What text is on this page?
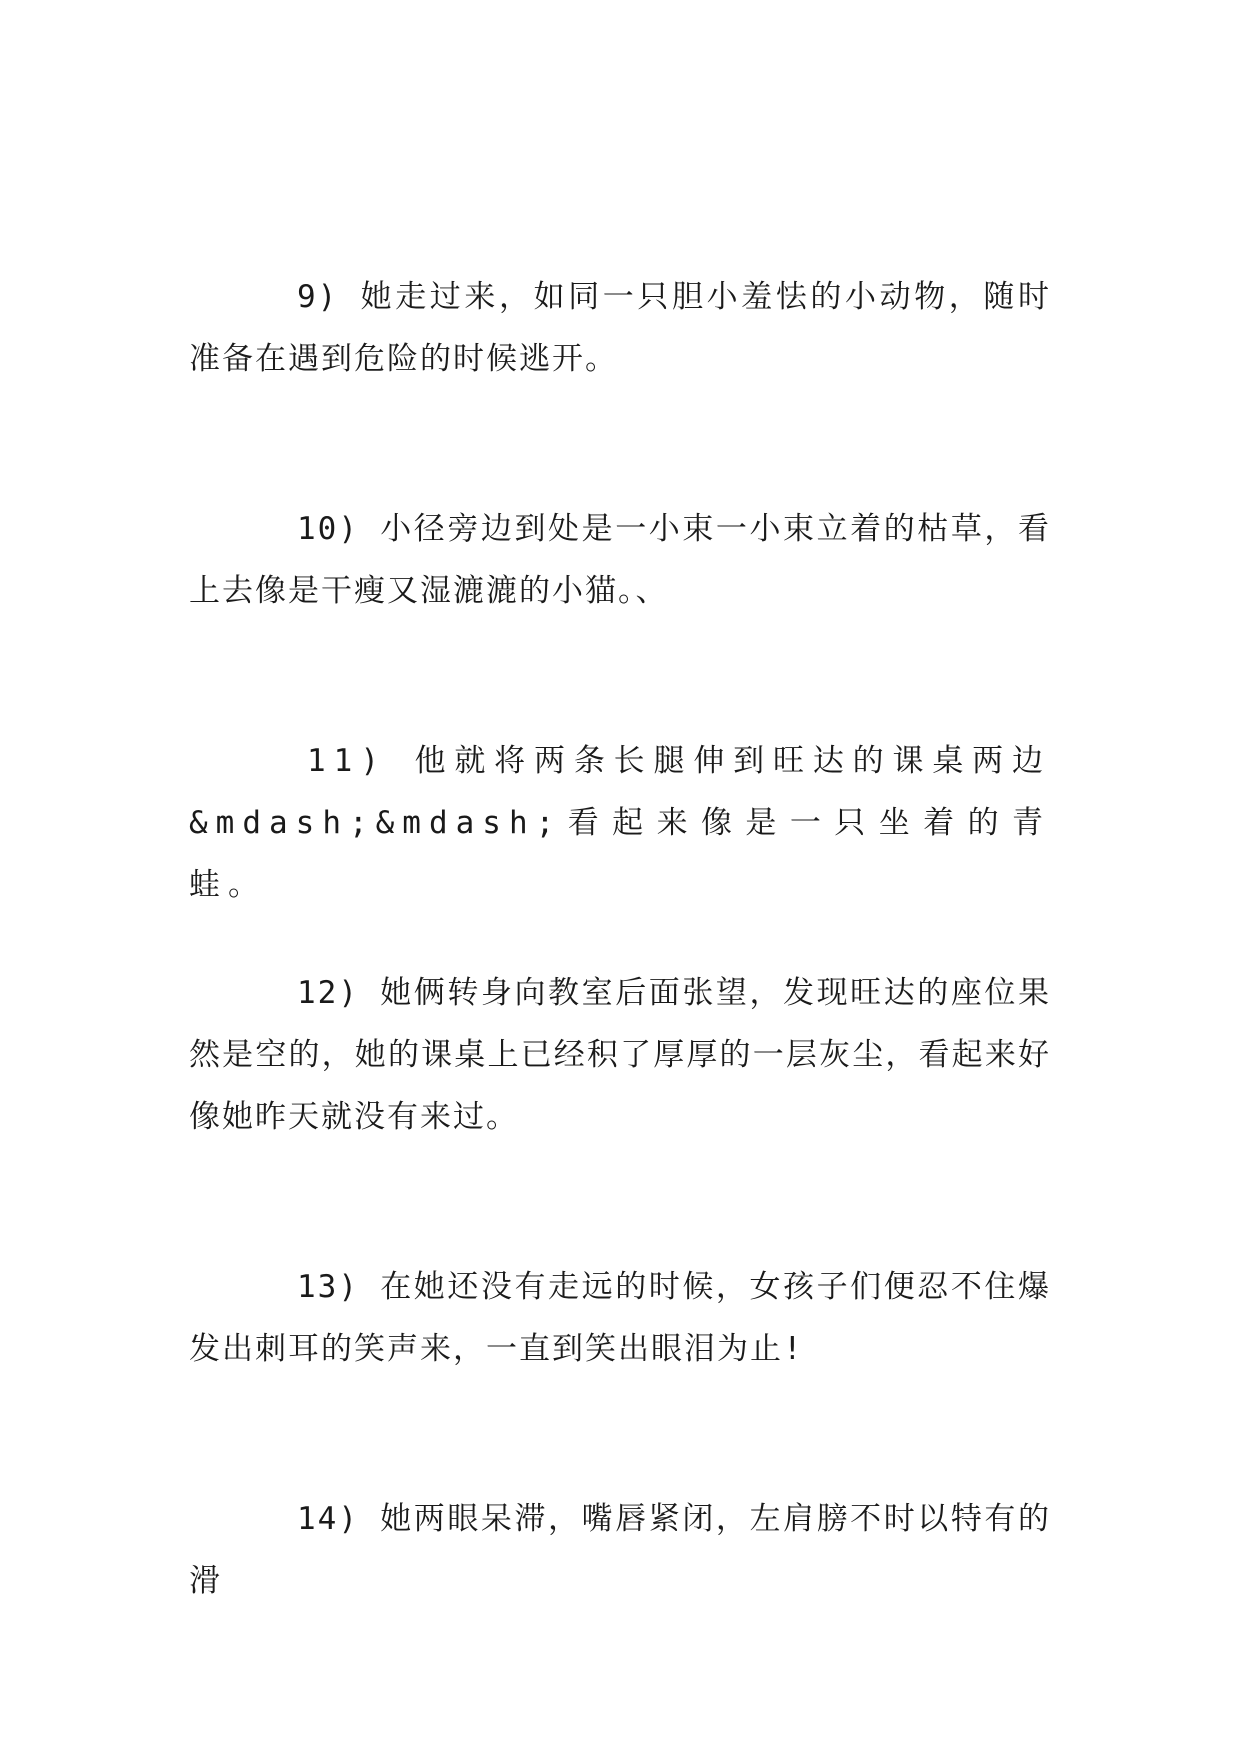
9) 她走过来，如同一只胆小羞怯的小动物，随时准备在遇到危险的时候逃开。

10) 小径旁边到处是一小束一小束立着的枯草，看上去像是干瘦又湿漉漉的小猫。、

11) 他就将两条长腿伸到旺达的课桌两边&mdash;&mdash;看起来像是一只坐着的青蛙。

12) 她俩转身向教室后面张望，发现旺达的座位果然是空的，她的课桌上已经积了厚厚的一层灰尘，看起来好像她昨天就没有来过。

13) 在她还没有走远的时候，女孩子们便忍不住爆发出刺耳的笑声来，一直到笑出眼泪为止!

14) 她两眼呆滞，嘴唇紧闭，左肩膀不时以特有的滑
